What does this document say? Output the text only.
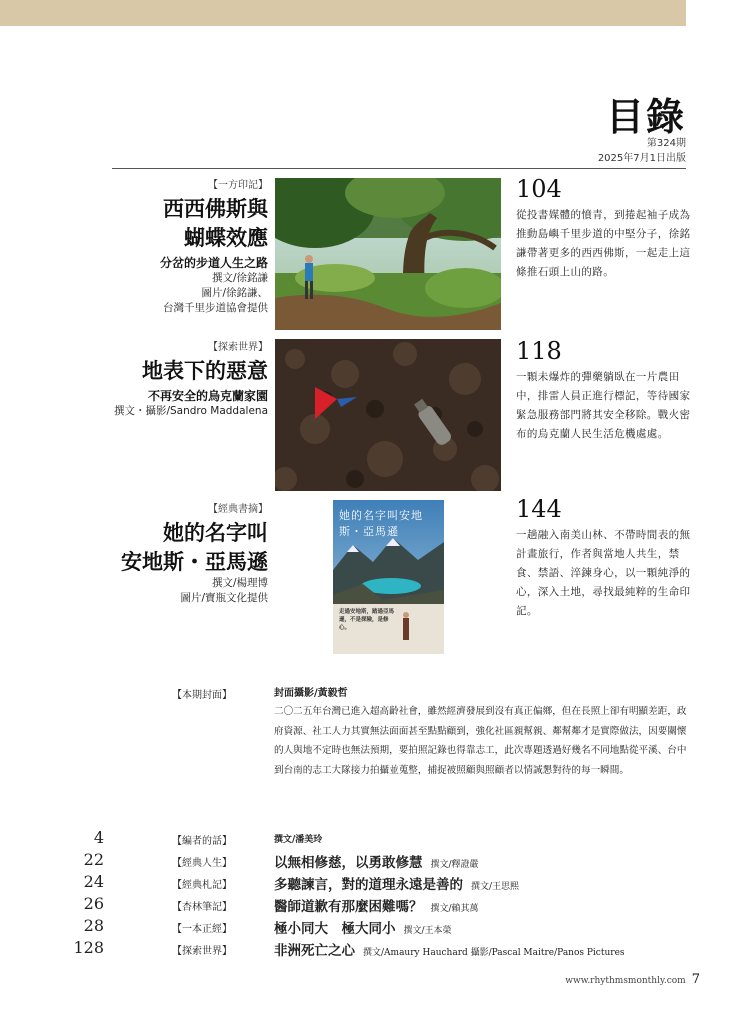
目錄
第324期
2025年7月1日出版
【一方印記】
西西佛斯與
蝴蝶效應
分岔的步道人生之路
撰文/徐銘謙
圖片/徐銘謙、
台灣千里步道協會提供
104
從投書媒體的憤青，到捲起袖子成為推動島嶼千里步道的中堅分子，徐銘謙帶著更多的西西佛斯，一起走上這條推石頭上山的路。
【探索世界】
地表下的惡意
不再安全的烏克蘭家園
撰文・攝影/Sandro Maddalena
118
一顆未爆炸的彈藥躺臥在一片農田中，排雷人員正進行標記，等待國家緊急服務部門將其安全移除。戰火密布的烏克蘭人民生活危機處處。
【經典書摘】
她的名字叫
安地斯・亞馬遜
撰文/楊理博
圖片/寶瓶文化提供
她的名字叫安地斯・亞馬遜
走過安地斯，踏過亞馬遜，不是探險，是修心。
144
一趟融入南美山林、不帶時間表的無計畫旅行，作者與當地人共生，禁食、禁語、淬鍊身心，以一顆純淨的心，深入土地，尋找最純粹的生命印記。
【本期封面】	封面攝影/黃毅哲
二〇二五年台灣已進入超高齡社會，雖然經濟發展到沒有真正偏鄉，但在長照上卻有明顯差距，政府資源、社工人力其實無法面面甚至點點顧到，強化社區親幫親、鄰幫鄰才是實際做法，因要關懷的人與地不定時也無法預期，要拍照記錄也得靠志工，此次專題透過好幾名不同地點從平溪、台中到台南的志工大隊接力拍攝並蒐整，捕捉被照顧與照顧者以情誠懇對待的每一瞬間。
4	【編者的話】	撰文/潘美玲
22	【經典人生】	以無相修慈，以勇敢修慧 撰文/釋證嚴
24	【經典札記】	多聽諫言，對的道理永遠是善的 撰文/王思熙
26	【杏林筆記】	醫師道歉有那麼困難嗎？ 撰文/賴其萬
28	【一本正經】	極小同大　極大同小 撰文/王本榮
128	【探索世界】	非洲死亡之心 撰文/Amaury Hauchard 攝影/Pascal Maitre/Panos Pictures
www.rhythmsmonthly.com 7
